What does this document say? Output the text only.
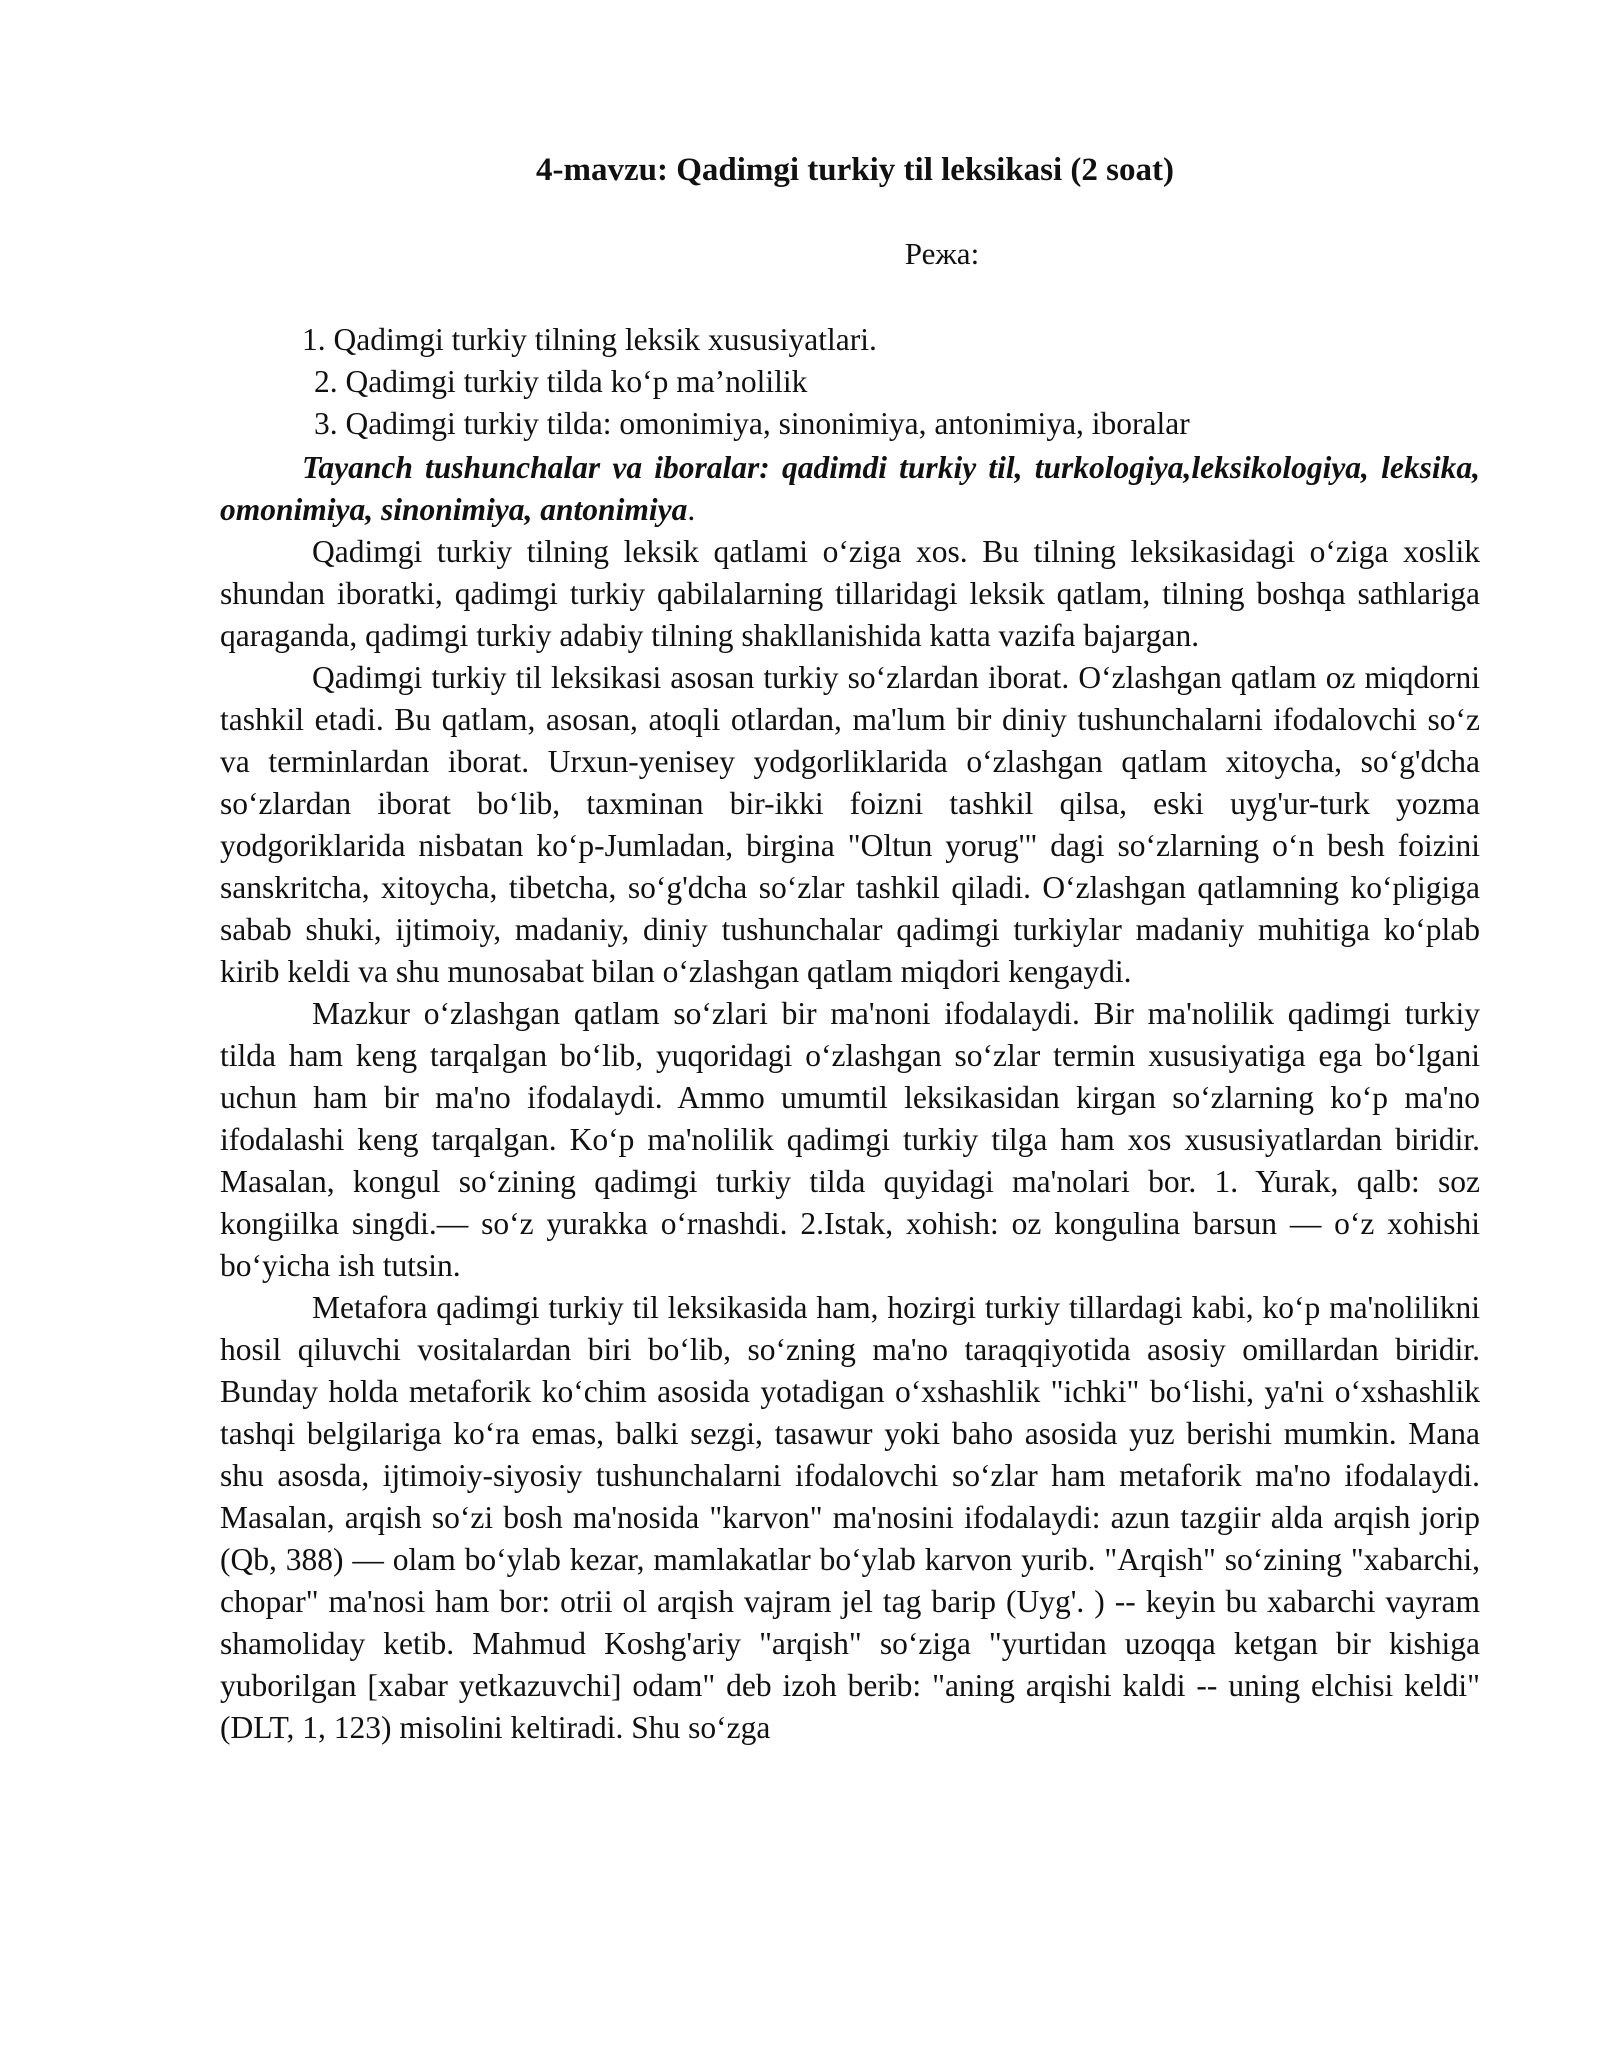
4-mavzu: Qadimgi turkiy til leksikasi (2 soat)
Режа:
1. Qadimgi turkiy tilning leksik xususiyatlari.
2. Qadimgi turkiy tilda ko‘p ma’nolilik
3. Qadimgi turkiy tilda: omonimiya, sinonimiya, antonimiya, iboralar

Tayanch tushunchalar va iboralar: qadimdi turkiy til, turkologiya,leksikologiya, leksika, omonimiya, sinonimiya, antonimiya.

Qadimgi turkiy tilning leksik qatlami o‘ziga xos. Bu tilning leksikasidagi o‘ziga xoslik shundan iboratki, qadimgi turkiy qabilalarning tillaridagi leksik qatlam, tilning boshqa sathlariga qaraganda, qadimgi turkiy adabiy tilning shakllanishida katta vazifa bajargan.

Qadimgi turkiy til leksikasi asosan turkiy so‘zlardan iborat. O‘zlashgan qatlam oz miqdorni tashkil etadi. Bu qatlam, asosan, atoqli otlardan, ma'lum bir diniy tushunchalarni ifodalovchi so‘z va terminlardan iborat. Urxun-yenisey yodgorliklarida o‘zlashgan qatlam xitoycha, so‘g'dcha so‘zlardan iborat bo‘lib, taxminan bir-ikki foizni tashkil qilsa, eski uyg'ur-turk yozma yodgoriklarida nisbatan ko‘p-Jumladan, birgina "Oltun yorug'" dagi so‘zlarning o‘n besh foizini sanskritcha, xitoycha, tibetcha, so‘g'dcha so‘zlar tashkil qiladi. O‘zlashgan qatlamning ko‘pligiga sabab shuki, ijtimoiy, madaniy, diniy tushunchalar qadimgi turkiylar madaniy muhitiga ko‘plab kirib keldi va shu munosabat bilan o‘zlashgan qatlam miqdori kengaydi.

Mazkur o‘zlashgan qatlam so‘zlari bir ma'noni ifodalaydi. Bir ma'nolilik qadimgi turkiy tilda ham keng tarqalgan bo‘lib, yuqoridagi o‘zlashgan so‘zlar termin xususiyatiga ega bo‘lgani uchun ham bir ma'no ifodalaydi. Ammo umumtil leksikasidan kirgan so‘zlarning ko‘p ma'no ifodalashi keng tarqalgan. Ko‘p ma'nolilik qadimgi turkiy tilga ham xos xususiyatlardan biridir. Masalan, kongul so‘zining qadimgi turkiy tilda quyidagi ma'nolari bor. 1. Yurak, qalb: soz kongiilka singdi.— so‘z yurakka o‘rnashdi. 2.Istak, xohish: oz kongulina barsun — o‘z xohishi bo‘yicha ish tutsin.

Metafora qadimgi turkiy til leksikasida ham, hozirgi turkiy tillardagi kabi, ko‘p ma'nolilikni hosil qiluvchi vositalardan biri bo‘lib, so‘zning ma'no taraqqiyotida asosiy omillardan biridir. Bunday holda metaforik ko‘chim asosida yotadigan o‘xshashlik "ichki" bo‘lishi, ya'ni o‘xshashlik tashqi belgilariga ko‘ra emas, balki sezgi, tasawur yoki baho asosida yuz berishi mumkin. Mana shu asosda, ijtimoiy-siyosiy tushunchalarni ifodalovchi so‘zlar ham metaforik ma'no ifodalaydi. Masalan, arqish so‘zi bosh ma'nosida "karvon" ma'nosini ifodalaydi: azun tazgiir alda arqish jorip (Qb, 388) — olam bo‘ylab kezar, mamlakatlar bo‘ylab karvon yurib. "Arqish" so‘zining "xabarchi, chopar" ma'nosi ham bor: otrii ol arqish vajram jel tag barip (Uyg'. ) -- keyin bu xabarchi vayram shamoliday ketib. Mahmud Koshg'ariy "arqish" so‘ziga "yurtidan uzoqqa ketgan bir kishiga yuborilgan [xabar yetkazuvchi] odam" deb izoh berib: "aning arqishi kaldi -- uning elchisi keldi" (DLT, 1, 123) misolini keltiradi. Shu so‘zga
